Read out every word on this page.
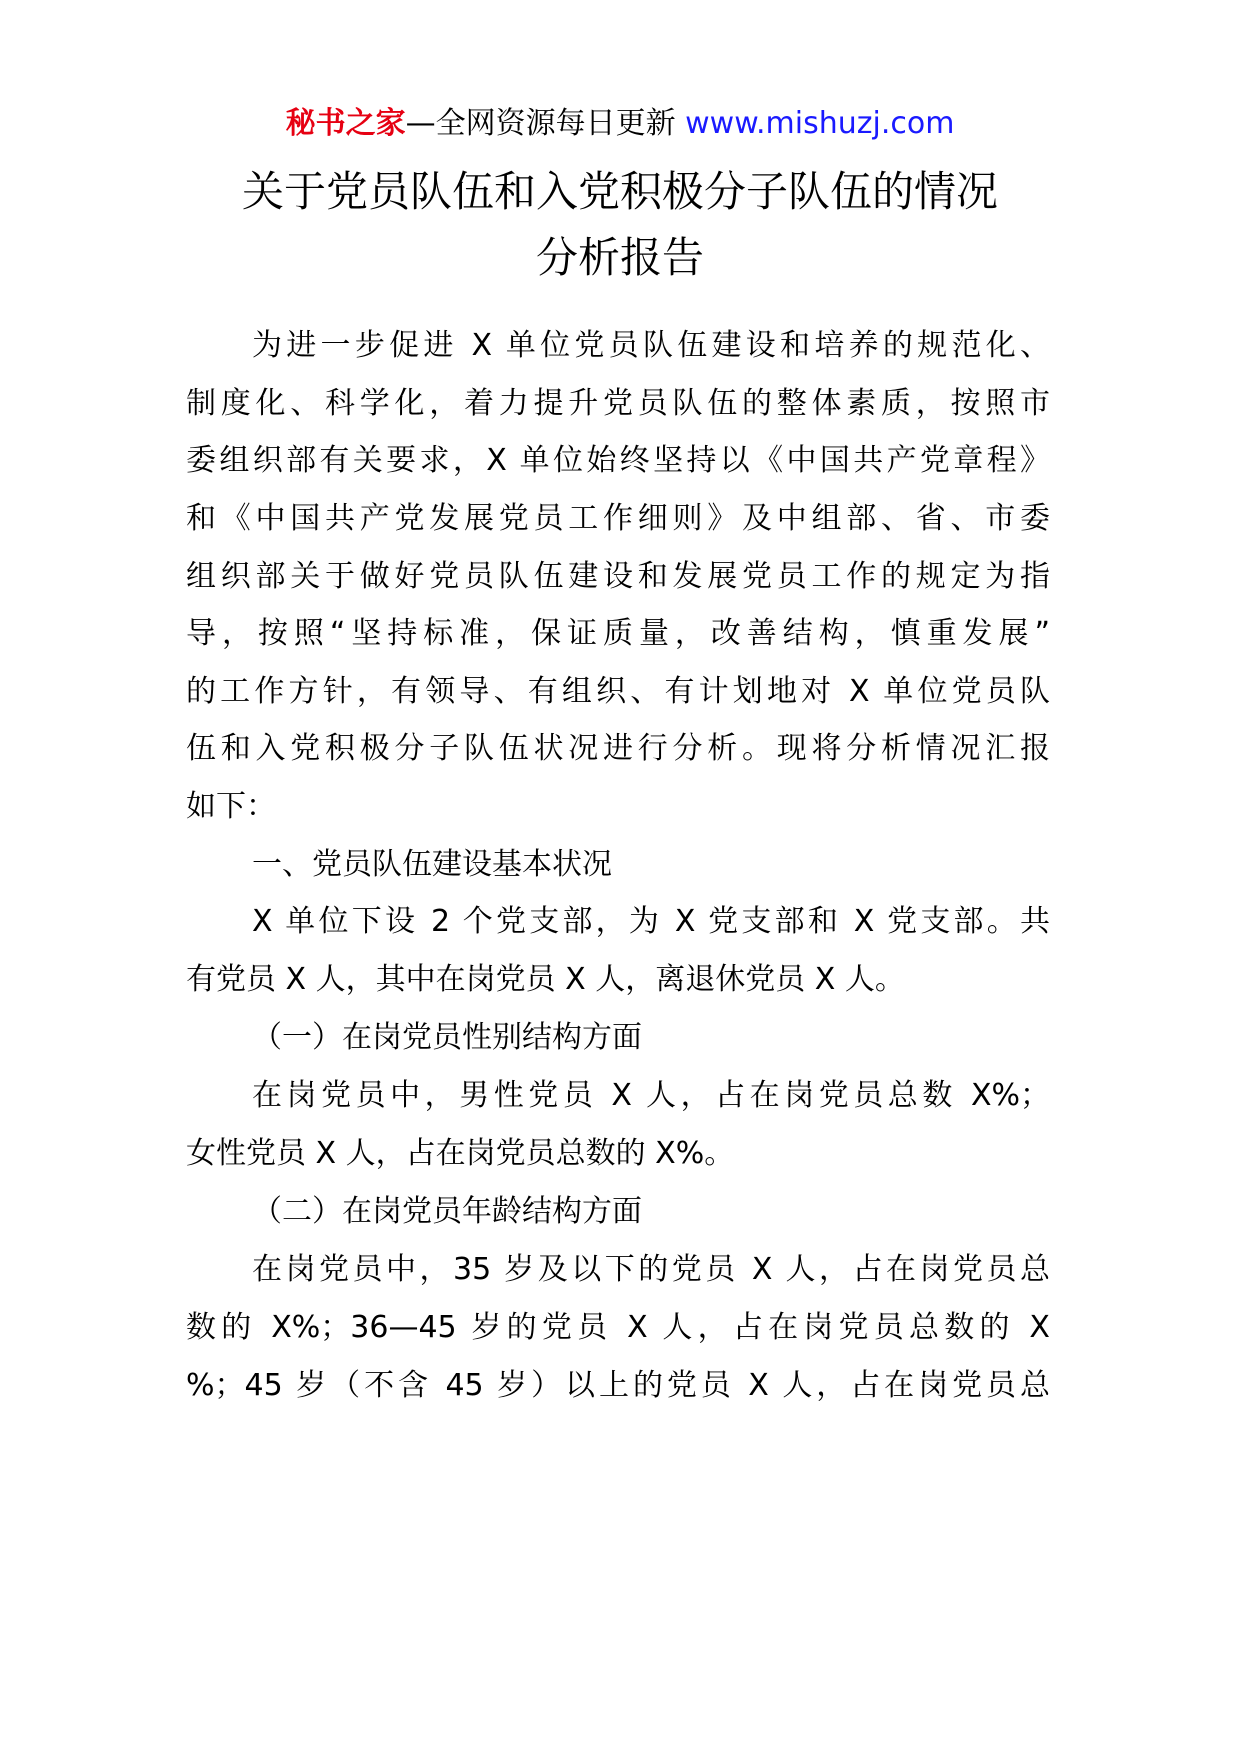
秘书之家—全网资源每日更新 www.mishuzj.com
关于党员队伍和入党积极分子队伍的情况
分析报告
为进一步促进 X 单位党员队伍建设和培养的规范化、
制度化、科学化，着力提升党员队伍的整体素质，按照市
委组织部有关要求，X 单位始终坚持以《中国共产党章程》
和《中国共产党发展党员工作细则》及中组部、省、市委
组织部关于做好党员队伍建设和发展党员工作的规定为指
导，按照“坚持标准，保证质量，改善结构，慎重发展”
的工作方针，有领导、有组织、有计划地对 X 单位党员队
伍和入党积极分子队伍状况进行分析。现将分析情况汇报
如下：
一、党员队伍建设基本状况
X 单位下设 2 个党支部，为 X 党支部和 X 党支部。共
有党员 X 人，其中在岗党员 X 人，离退休党员 X 人。
（一）在岗党员性别结构方面
在岗党员中，男性党员 X 人，占在岗党员总数 X%；
女性党员 X 人，占在岗党员总数的 X%。
（二）在岗党员年龄结构方面
在岗党员中，35 岁及以下的党员 X 人，占在岗党员总
数的 X%；36—45 岁的党员 X 人，占在岗党员总数的 X
%；45 岁（不含 45 岁）以上的党员 X 人，占在岗党员总
